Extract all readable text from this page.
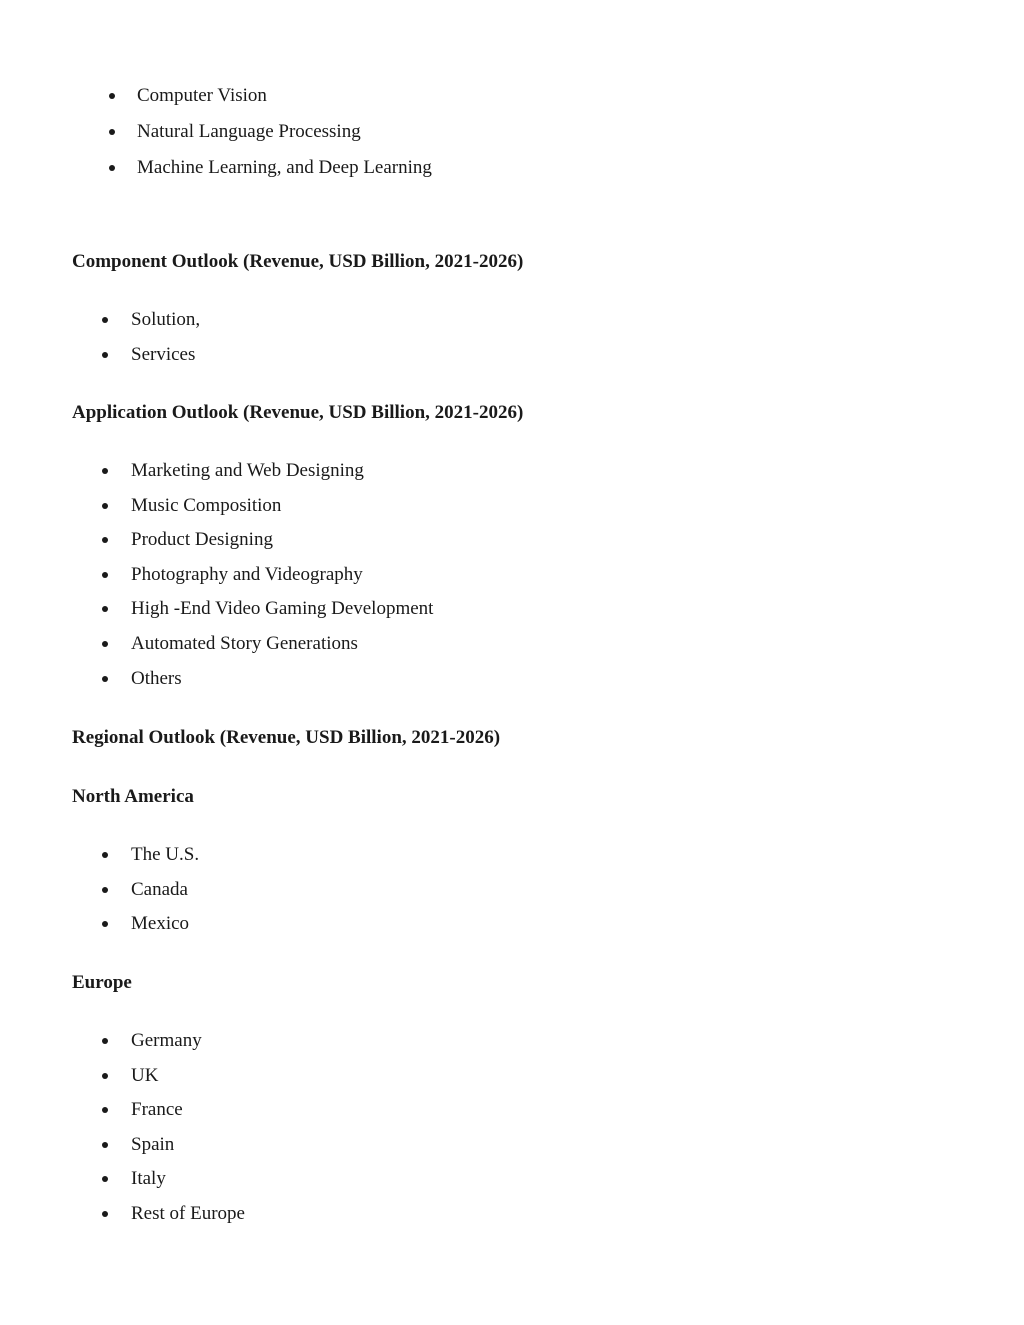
Computer Vision
Natural Language Processing
Machine Learning, and Deep Learning
Component Outlook (Revenue, USD Billion, 2021-2026)
Solution,
Services
Application Outlook (Revenue, USD Billion, 2021-2026)
Marketing and Web Designing
Music Composition
Product Designing
Photography and Videography
High -End Video Gaming Development
Automated Story Generations
Others
Regional Outlook (Revenue, USD Billion, 2021-2026)
North America
The U.S.
Canada
Mexico
Europe
Germany
UK
France
Spain
Italy
Rest of Europe
